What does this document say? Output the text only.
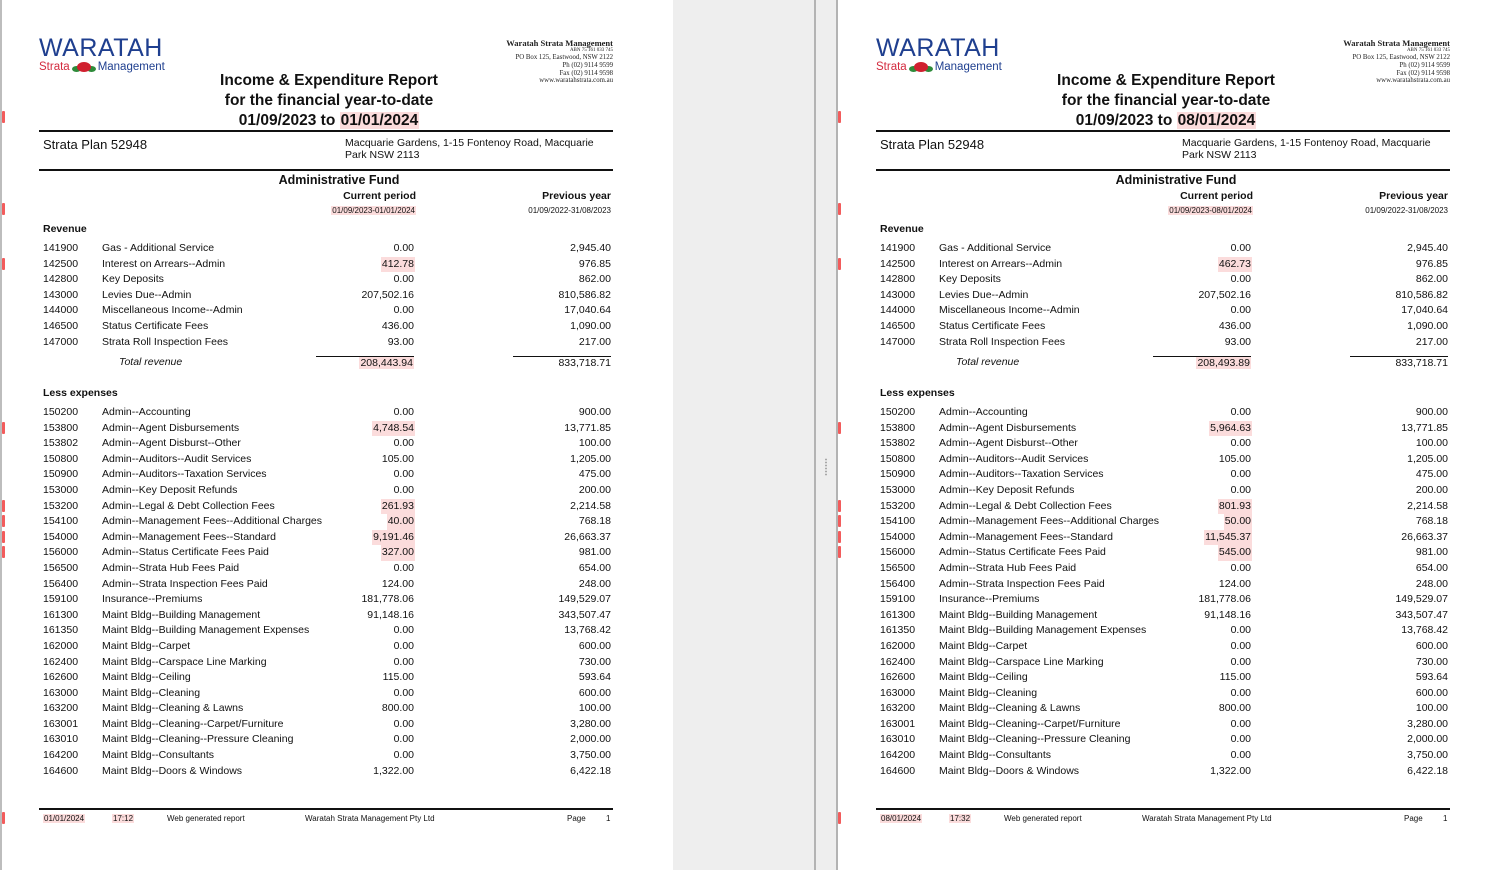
WARATAH
Strata Management
Waratah Strata Management
ABN 75 161 033 745
PO Box 125, Eastwood, NSW 2122
Ph (02) 9114 9599
Fax (02) 9114 9598
www.waratahstrata.com.au
Income & Expenditure Report
for the financial year-to-date
01/09/2023 to 01/01/2024
Strata Plan 52948	Macquarie Gardens, 1-15 Fontenoy Road, Macquarie
Park NSW 2113
Administrative Fund
Current period	Previous year
01/09/2023-01/01/2024	01/09/2022-31/08/2023
Revenue
141900 Gas - Additional Service	0.00	2,945.40
142500 Interest on Arrears--Admin	412.78	976.85
142800 Key Deposits	0.00	862.00
143000 Levies Due--Admin	207,502.16	810,586.82
144000 Miscellaneous Income--Admin	0.00	17,040.64
146500 Status Certificate Fees	436.00	1,090.00
147000 Strata Roll Inspection Fees	93.00	217.00
Total revenue	208,443.94	833,718.71
Less expenses
150200 Admin--Accounting	0.00	900.00
153800 Admin--Agent Disbursements	4,748.54	13,771.85
153802 Admin--Agent Disburst--Other	0.00	100.00
150800 Admin--Auditors--Audit Services	105.00	1,205.00
150900 Admin--Auditors--Taxation Services	0.00	475.00
153000 Admin--Key Deposit Refunds	0.00	200.00
153200 Admin--Legal & Debt Collection Fees	261.93	2,214.58
154100 Admin--Management Fees--Additional Charges	40.00	768.18
154000 Admin--Management Fees--Standard	9,191.46	26,663.37
156000 Admin--Status Certificate Fees Paid	327.00	981.00
156500 Admin--Strata Hub Fees Paid	0.00	654.00
156400 Admin--Strata Inspection Fees Paid	124.00	248.00
159100 Insurance--Premiums	181,778.06	149,529.07
161300 Maint Bldg--Building Management	91,148.16	343,507.47
161350 Maint Bldg--Building Management Expenses	0.00	13,768.42
162000 Maint Bldg--Carpet	0.00	600.00
162400 Maint Bldg--Carspace Line Marking	0.00	730.00
162600 Maint Bldg--Ceiling	115.00	593.64
163000 Maint Bldg--Cleaning	0.00	600.00
163200 Maint Bldg--Cleaning & Lawns	800.00	100.00
163001 Maint Bldg--Cleaning--Carpet/Furniture	0.00	3,280.00
163010 Maint Bldg--Cleaning--Pressure Cleaning	0.00	2,000.00
164200 Maint Bldg--Consultants	0.00	3,750.00
164600 Maint Bldg--Doors & Windows	1,322.00	6,422.18
01/01/2024	17:12	Web generated report	Waratah Strata Management Pty Ltd	Page	1
WARATAH
Strata Management
Waratah Strata Management
ABN 75 161 033 745
PO Box 125, Eastwood, NSW 2122
Ph (02) 9114 9599
Fax (02) 9114 9598
www.waratahstrata.com.au
Income & Expenditure Report
for the financial year-to-date
01/09/2023 to 08/01/2024
Strata Plan 52948	Macquarie Gardens, 1-15 Fontenoy Road, Macquarie
Park NSW 2113
Administrative Fund
Current period	Previous year
01/09/2023-08/01/2024	01/09/2022-31/08/2023
Revenue
141900 Gas - Additional Service	0.00	2,945.40
142500 Interest on Arrears--Admin	462.73	976.85
142800 Key Deposits	0.00	862.00
143000 Levies Due--Admin	207,502.16	810,586.82
144000 Miscellaneous Income--Admin	0.00	17,040.64
146500 Status Certificate Fees	436.00	1,090.00
147000 Strata Roll Inspection Fees	93.00	217.00
Total revenue	208,493.89	833,718.71
Less expenses
150200 Admin--Accounting	0.00	900.00
153800 Admin--Agent Disbursements	5,964.63	13,771.85
153802 Admin--Agent Disburst--Other	0.00	100.00
150800 Admin--Auditors--Audit Services	105.00	1,205.00
150900 Admin--Auditors--Taxation Services	0.00	475.00
153000 Admin--Key Deposit Refunds	0.00	200.00
153200 Admin--Legal & Debt Collection Fees	801.93	2,214.58
154100 Admin--Management Fees--Additional Charges	50.00	768.18
154000 Admin--Management Fees--Standard	11,545.37	26,663.37
156000 Admin--Status Certificate Fees Paid	545.00	981.00
156500 Admin--Strata Hub Fees Paid	0.00	654.00
156400 Admin--Strata Inspection Fees Paid	124.00	248.00
159100 Insurance--Premiums	181,778.06	149,529.07
161300 Maint Bldg--Building Management	91,148.16	343,507.47
161350 Maint Bldg--Building Management Expenses	0.00	13,768.42
162000 Maint Bldg--Carpet	0.00	600.00
162400 Maint Bldg--Carspace Line Marking	0.00	730.00
162600 Maint Bldg--Ceiling	115.00	593.64
163000 Maint Bldg--Cleaning	0.00	600.00
163200 Maint Bldg--Cleaning & Lawns	800.00	100.00
163001 Maint Bldg--Cleaning--Carpet/Furniture	0.00	3,280.00
163010 Maint Bldg--Cleaning--Pressure Cleaning	0.00	2,000.00
164200 Maint Bldg--Consultants	0.00	3,750.00
164600 Maint Bldg--Doors & Windows	1,322.00	6,422.18
08/01/2024	17:32	Web generated report	Waratah Strata Management Pty Ltd	Page	1
